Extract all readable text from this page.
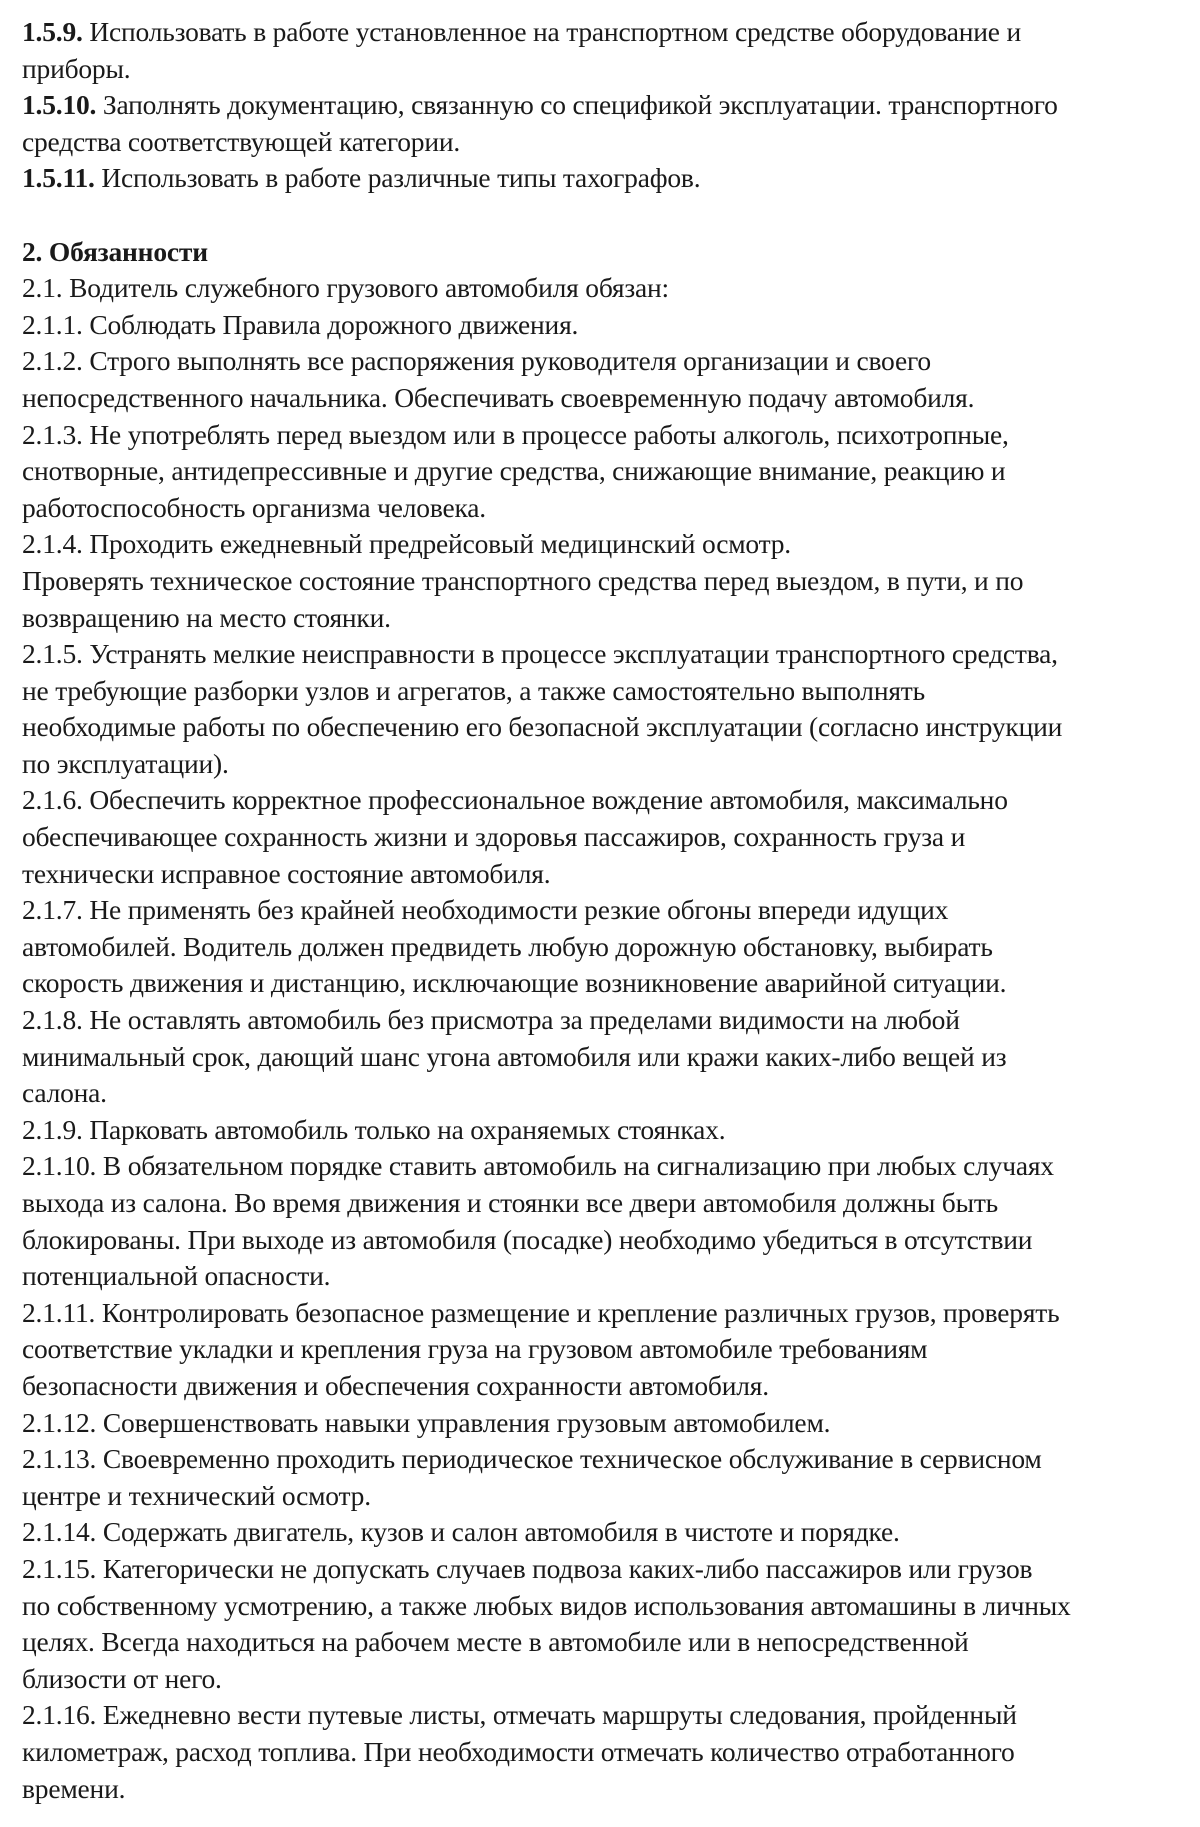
1.5.9. Использовать в работе установленное на транспортном средстве оборудование и
приборы.
1.5.10. Заполнять документацию, связанную со спецификой эксплуатации. транспортного
средства соответствующей категории.
1.5.11. Использовать в работе различные типы тахографов.
2. Обязанности
2.1. Водитель служебного грузового автомобиля обязан:
2.1.1. Соблюдать Правила дорожного движения.
2.1.2. Строго выполнять все распоряжения руководителя организации и своего
непосредственного начальника. Обеспечивать своевременную подачу автомобиля.
2.1.3. Не употреблять перед выездом или в процессе работы алкоголь, психотропные,
снотворные, антидепрессивные и другие средства, снижающие внимание, реакцию и
работоспособность организма человека.
2.1.4. Проходить ежедневный предрейсовый медицинский осмотр.
Проверять техническое состояние транспортного средства перед выездом, в пути, и по
возвращению на место стоянки.
2.1.5. Устранять мелкие неисправности в процессе эксплуатации транспортного средства,
не требующие разборки узлов и агрегатов, а также самостоятельно выполнять
необходимые работы по обеспечению его безопасной эксплуатации (согласно инструкции
по эксплуатации).
2.1.6. Обеспечить корректное профессиональное вождение автомобиля, максимально
обеспечивающее сохранность жизни и здоровья пассажиров, сохранность груза и
технически исправное состояние автомобиля.
2.1.7. Не применять без крайней необходимости резкие обгоны впереди идущих
автомобилей. Водитель должен предвидеть любую дорожную обстановку, выбирать
скорость движения и дистанцию, исключающие возникновение аварийной ситуации.
2.1.8. Не оставлять автомобиль без присмотра за пределами видимости на любой
минимальный срок, дающий шанс угона автомобиля или кражи каких-либо вещей из
салона.
2.1.9. Парковать автомобиль только на охраняемых стоянках.
2.1.10. В обязательном порядке ставить автомобиль на сигнализацию при любых случаях
выхода из салона. Во время движения и стоянки все двери автомобиля должны быть
блокированы. При выходе из автомобиля (посадке) необходимо убедиться в отсутствии
потенциальной опасности.
2.1.11. Контролировать безопасное размещение и крепление различных грузов, проверять
соответствие укладки и крепления груза на грузовом автомобиле требованиям
безопасности движения и обеспечения сохранности автомобиля.
2.1.12. Совершенствовать навыки управления грузовым автомобилем.
2.1.13. Своевременно проходить периодическое техническое обслуживание в сервисном
центре и технический осмотр.
2.1.14. Содержать двигатель, кузов и салон автомобиля в чистоте и порядке.
2.1.15. Категорически не допускать случаев подвоза каких-либо пассажиров или грузов
по собственному усмотрению, а также любых видов использования автомашины в личных
целях. Всегда находиться на рабочем месте в автомобиле или в непосредственной
близости от него.
2.1.16. Ежедневно вести путевые листы, отмечать маршруты следования, пройденный
километраж, расход топлива. При необходимости отмечать количество отработанного
времени.
